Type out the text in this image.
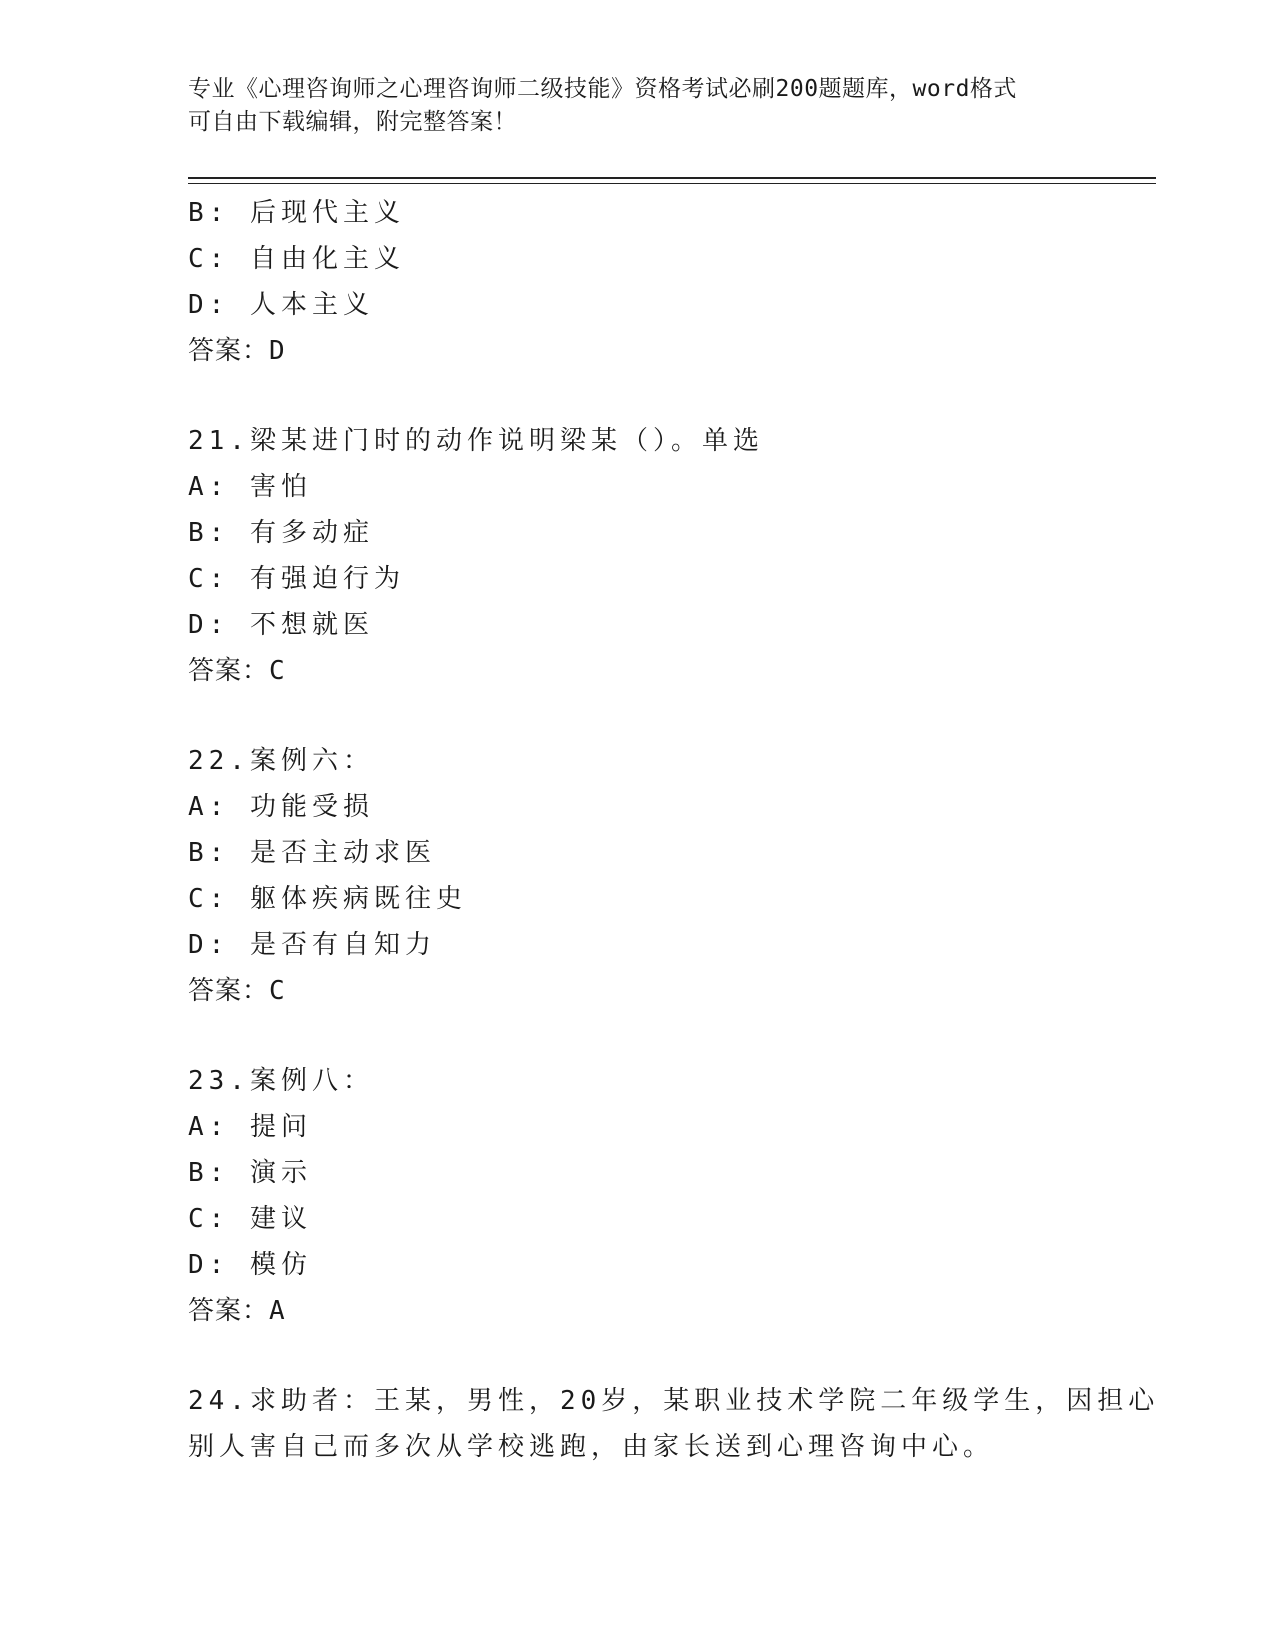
专业《心理咨询师之心理咨询师二级技能》资格考试必刷200题题库，word格式
可自由下载编辑，附完整答案！
B: 后现代主义
C: 自由化主义
D: 人本主义
答案：D
21.梁某进门时的动作说明梁某（）。单选
A: 害怕
B: 有多动症
C: 有强迫行为
D: 不想就医
答案：C
22.案例六：
A: 功能受损
B: 是否主动求医
C: 躯体疾病既往史
D: 是否有自知力
答案：C
23.案例八：
A: 提问
B: 演示
C: 建议
D: 模仿
答案：A
24.求助者：王某，男性，20岁，某职业技术学院二年级学生，因担心
别人害自己而多次从学校逃跑，由家长送到心理咨询中心。
